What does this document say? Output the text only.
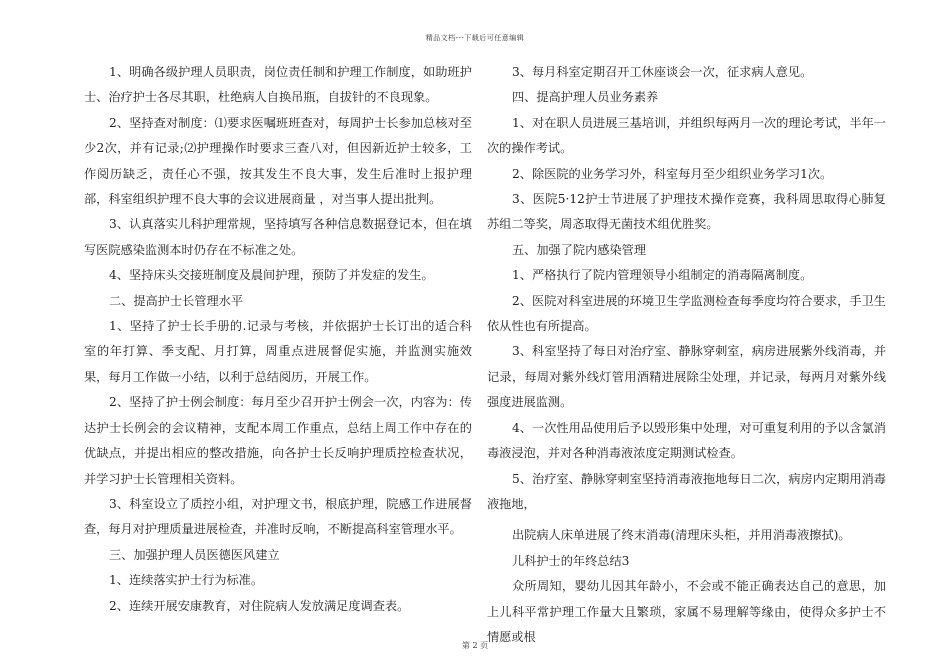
精品文档---下载后可任意编辑

1、明确各级护理人员职责，岗位责任制和护理工作制度，如助班护士、治疗护士各尽其职，杜绝病人自换吊瓶，自拔针的不良现象。

2、坚持查对制度：⑴要求医嘱班班查对，每周护士长参加总核对至少2次，并有记录;⑵护理操作时要求三查八对，但因新近护士较多，工作阅历缺乏，责任心不强，按其发生不良大事，发生后准时上报护理部，科室组织护理不良大事的会议进展商量 ，对当事人提出批判。

3、认真落实儿科护理常规，坚持填写各种信息数据登记本，但在填写医院感染监测本时仍存在不标准之处。

4、坚持床头交接班制度及晨间护理，预防了并发症的发生。

二、提高护士长管理水平

1、坚持了护士长手册的.记录与考核，并依据护士长订出的适合科室的年打算、季支配、月打算，周重点进展督促实施，并监测实施效果，每月工作做一小结，以利于总结阅历，开展工作。

2、坚持了护士例会制度：每月至少召开护士例会一次，内容为：传达护士长例会的会议精神，支配本周工作重点，总结上周工作中存在的优缺点，并提出相应的整改措施，向各护士长反响护理质控检查状况，并学习护士长管理相关资料。

3、科室设立了质控小组，对护理文书，根底护理，院感工作进展督查，每月对护理质量进展检查，并准时反响，不断提高科室管理水平。

三、加强护理人员医德医风建立

1、连续落实护士行为标准。

2、连续开展安康教育，对住院病人发放满足度调查表。

3、每月科室定期召开工休座谈会一次，征求病人意见。

四、提高护理人员业务素养

1、对在职人员进展三基培训，并组织每两月一次的理论考试，半年一次的操作考试。

2、除医院的业务学习外，科室每月至少组织业务学习1次。

3、医院5·12护士节进展了护理技术操作竞赛，我科周思取得心肺复苏组二等奖，周忞取得无菌技术组优胜奖。

五、加强了院内感染管理

1、严格执行了院内管理领导小组制定的消毒隔离制度。

2、医院对科室进展的环境卫生学监测检查每季度均符合要求，手卫生依从性也有所提高。

3、科室坚持了每日对治疗室、静脉穿刺室，病房进展紫外线消毒，并记录，每周对紫外线灯管用酒精进展除尘处理，并记录，每两月对紫外线强度进展监测。

4、一次性用品使用后予以毁形集中处理，对可重复利用的予以含氯消毒液浸泡，并对各种消毒液浓度定期测试检查。

5、治疗室、静脉穿刺室坚持消毒液拖地每日二次，病房内定期用消毒液拖地，

出院病人床单进展了终末消毒(清理床头柜，并用消毒液擦拭)。

儿科护士的年终总结3

众所周知，婴幼儿因其年龄小，不会或不能正确表达自己的意思，加上儿科平常护理工作量大且繁琐，家属不易理解等缘由，使得众多护士不情愿或根

第 2 页
